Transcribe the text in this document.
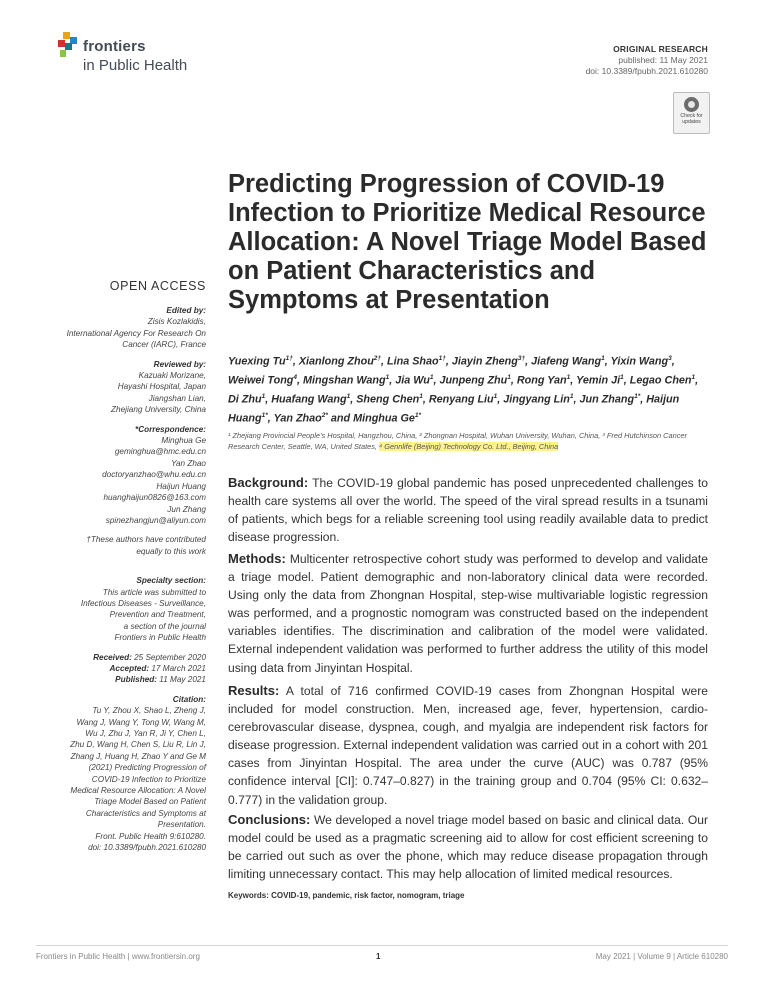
frontiers
in Public Health
ORIGINAL RESEARCH
published: 11 May 2021
doi: 10.3389/fpubh.2021.610280
Check for
updates
OPEN ACCESS
Edited by:
Zisis Kozlakidis,
International Agency For Research On
Cancer (IARC), France
Reviewed by:
Kazuaki Morizane,
Hayashi Hospital, Japan
Jiangshan Lian,
Zhejiang University, China
*Correspondence:
Minghua Ge
geminghua@hmc.edu.cn
Yan Zhao
doctoryanzhao@whu.edu.cn
Haijun Huang
huanghaijun0826@163.com
Jun Zhang
spinezhangjun@aliyun.com
†These authors have contributed
equally to this work
Specialty section:
This article was submitted to
Infectious Diseases - Surveillance,
Prevention and Treatment,
a section of the journal
Frontiers in Public Health
Received: 25 September 2020
Accepted: 17 March 2021
Published: 11 May 2021
Citation:
Tu Y, Zhou X, Shao L, Zheng J,
Wang J, Wang Y, Tong W, Wang M,
Wu J, Zhu J, Yan R, Ji Y, Chen L,
Zhu D, Wang H, Chen S, Liu R, Lin J,
Zhang J, Huang H, Zhao Y and Ge M
(2021) Predicting Progression of
COVID-19 Infection to Prioritize
Medical Resource Allocation: A Novel
Triage Model Based on Patient
Characteristics and Symptoms at
Presentation.
Front. Public Health 9:610280.
doi: 10.3389/fpubh.2021.610280
Predicting Progression of COVID-19 Infection to Prioritize Medical Resource Allocation: A Novel Triage Model Based on Patient Characteristics and Symptoms at Presentation
Yuexing $Tu^{1\dagger}$, Xianlong Zhou$^{2\dagger}$, Lina Shao$^{1\dagger}$, Jiayin Zheng$^{3\dagger}$, Jiafeng Wang$^1$, Yixin Wang$^3$, Weiwei Tong$^4$, Mingshan Wang$^1$, Jia Wu$^1$, Junpeng Zhu$^1$, Rong Yan$^1$, Yemin Ji$^1$, Legao Chen$^1$, Di Zhu$^1$, Huafang Wang$^1$, Sheng Chen$^1$, Renyang Liu$^1$, Jingyang Lin$^1$, Jun Zhang$^{1*}$, Haijun Huang$^{1*}$, Yan Zhao$^{2*}$ and Minghua $Ge^{1*}$
¹ Zhejiang Provincial People’s Hospital, Hangzhou, China, ² Zhongnan Hospital, Wuhan University, Wuhan, China, ³ Fred Hutchinson Cancer Research Center, Seattle, WA, United States, ⁴ Gennlife (Beijing) Technology Co. Ltd., Beijing, China
Background: The COVID-19 global pandemic has posed unprecedented challenges to health care systems all over the world. The speed of the viral spread results in a tsunami of patients, which begs for a reliable screening tool using readily available data to predict disease progression.
Methods: Multicenter retrospective cohort study was performed to develop and validate a triage model. Patient demographic and non-laboratory clinical data were recorded. Using only the data from Zhongnan Hospital, step-wise multivariable logistic regression was performed, and a prognostic nomogram was constructed based on the independent variables identifies. The discrimination and calibration of the model were validated. External independent validation was performed to further address the utility of this model using data from Jinyintan Hospital.
Results: A total of 716 confirmed COVID-19 cases from Zhongnan Hospital were included for model construction. Men, increased age, fever, hypertension, cardio-cerebrovascular disease, dyspnea, cough, and myalgia are independent risk factors for disease progression. External independent validation was carried out in a cohort with 201 cases from Jinyintan Hospital. The area under the curve (AUC) was 0.787 (95% confidence interval [CI]: 0.747–0.827) in the training group and 0.704 (95% CI: 0.632–0.777) in the validation group.
Conclusions: We developed a novel triage model based on basic and clinical data. Our model could be used as a pragmatic screening aid to allow for cost efficient screening to be carried out such as over the phone, which may reduce disease propagation through limiting unnecessary contact. This may help allocation of limited medical resources.
Keywords: COVID-19, pandemic, risk factor, nomogram, triage
Frontiers in Public Health | www.frontiersin.org	1	May 2021 | Volume 9 | Article 610280
